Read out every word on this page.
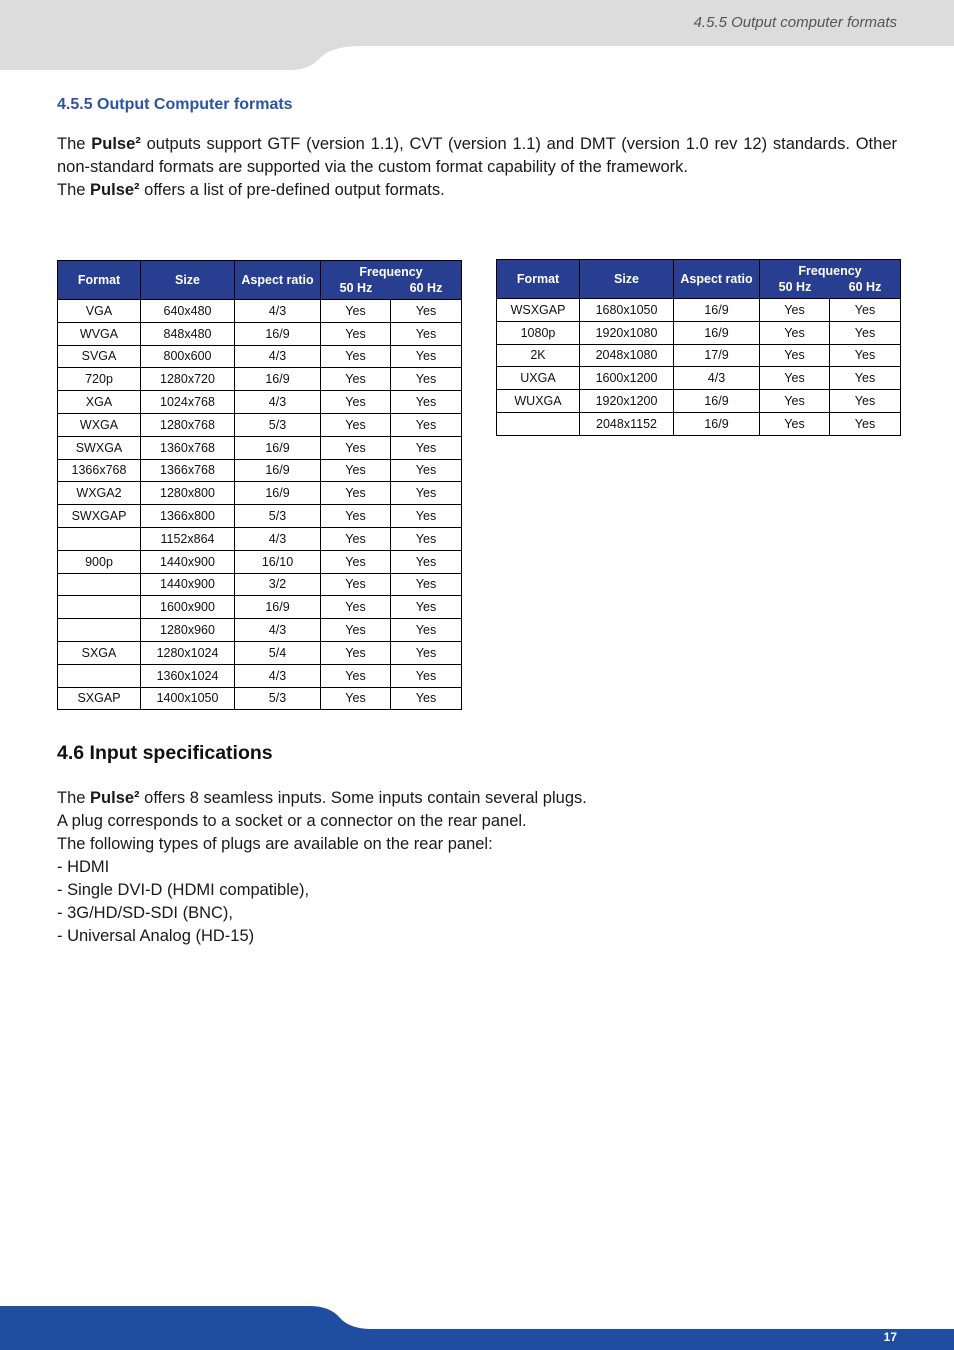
4.5.5 Output computer formats
4.5.5 Output Computer formats

The Pulse² outputs support GTF (version 1.1), CVT (version 1.1) and DMT (version 1.0 rev 12) standards. Other non-standard formats are supported via the custom format capability of the framework.

The Pulse² offers a list of pre-defined output formats.

Format	Size	Aspect ratio	Frequency
50 Hz 60 Hz	

VGA	640x480	4/3	Yes	Yes
WVGA	848x480	16/9	Yes	Yes
SVGA	800x600	4/3	Yes	Yes
720p	1280x720	16/9	Yes	Yes
XGA	1024x768	4/3	Yes	Yes
WXGA	1280x768	5/3	Yes	Yes
SWXGA	1360x768	16/9	Yes	Yes
1366x768	1366x768	16/9	Yes	Yes
WXGA2	1280x800	16/9	Yes	Yes
SWXGAP	1366x800	5/3	Yes	Yes
	1152x864	4/3	Yes	Yes
900p	1440x900	16/10	Yes	Yes
	1440x900	3/2	Yes	Yes
	1600x900	16/9	Yes	Yes
	1280x960	4/3	Yes	Yes
SXGA	1280x1024	5/4	Yes	Yes
	1360x1024	4/3	Yes	Yes
SXGAP	1400x1050	5/3	Yes	Yes
Format	Size	Aspect ratio	Frequency
50 Hz 60 Hz	

WSXGAP	1680x1050	16/9	Yes	Yes
1080p	1920x1080	16/9	Yes	Yes
2K	2048x1080	17/9	Yes	Yes
UXGA	1600x1200	4/3	Yes	Yes
WUXGA	1920x1200	16/9	Yes	Yes
	2048x1152	16/9	Yes	Yes
4.6 Input specifications
The Pulse² offers 8 seamless inputs. Some inputs contain several plugs.
A plug corresponds to a socket or a connector on the rear panel.
The following types of plugs are available on the rear panel:
- HDMI
- Single DVI-D (HDMI compatible),
- 3G/HD/SD-SDI (BNC),
- Universal Analog (HD-15)
17
